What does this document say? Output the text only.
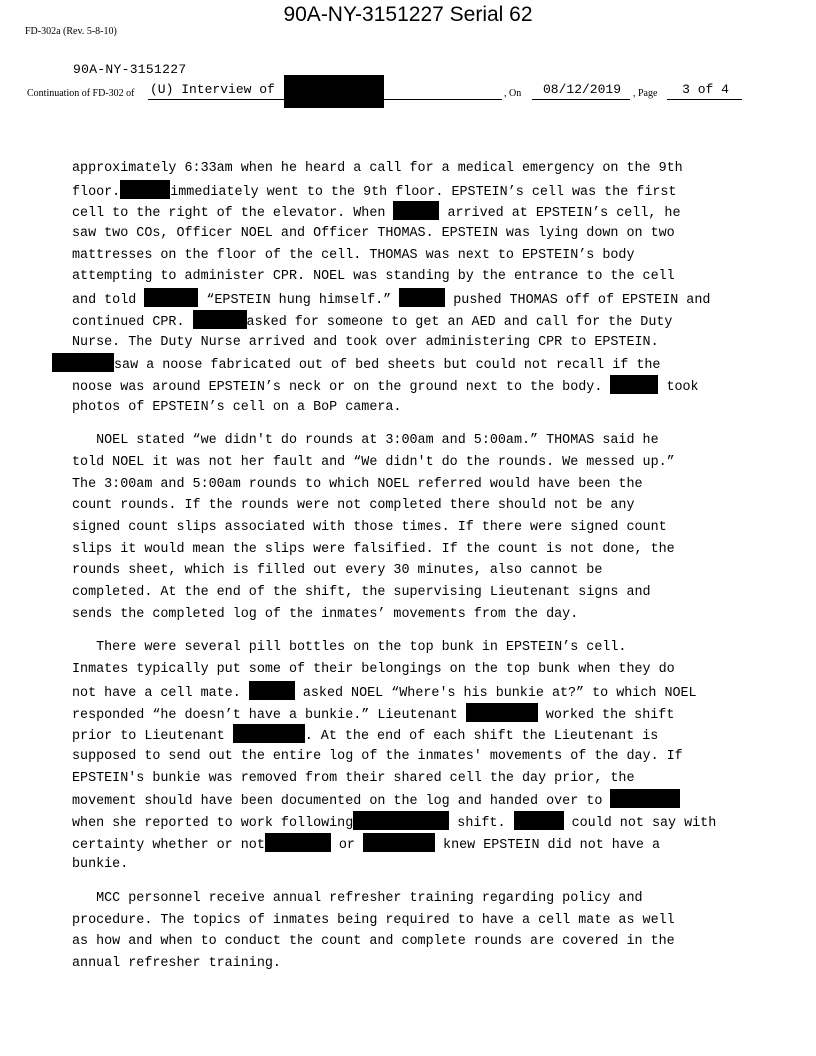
90A-NY-3151227 Serial 62
FD-302a (Rev. 5-8-10)
90A-NY-3151227
Continuation of FD-302 of (U) Interview of	, On	08/12/2019	, Page	3 of 4
approximately 6:33am when he heard a call for a medical emergency on the 9th
floor.	immediately went to the 9th floor. EPSTEIN’s cell was the first
cell to the right of the elevator. When	arrived at EPSTEIN’s cell, he
saw two COs, Officer NOEL and Officer THOMAS. EPSTEIN was lying down on two
mattresses on the floor of the cell. THOMAS was next to EPSTEIN’s body
attempting to administer CPR. NOEL was standing by the entrance to the cell
and told	“EPSTEIN hung himself.”	pushed THOMAS off of EPSTEIN and
continued CPR.	asked for someone to get an AED and call for the Duty
Nurse. The Duty Nurse arrived and took over administering CPR to EPSTEIN.
saw a noose fabricated out of bed sheets but could not recall if the
noose was around EPSTEIN’s neck or on the ground next to the body.	took
photos of EPSTEIN’s cell on a BoP camera.
NOEL stated “we didn't do rounds at 3:00am and 5:00am.” THOMAS said he
told NOEL it was not her fault and “We didn't do the rounds. We messed up.”
The 3:00am and 5:00am rounds to which NOEL referred would have been the
count rounds. If the rounds were not completed there should not be any
signed count slips associated with those times. If there were signed count
slips it would mean the slips were falsified. If the count is not done, the
rounds sheet, which is filled out every 30 minutes, also cannot be
completed. At the end of the shift, the supervising Lieutenant signs and
sends the completed log of the inmates’ movements from the day.
There were several pill bottles on the top bunk in EPSTEIN’s cell.
Inmates typically put some of their belongings on the top bunk when they do
not have a cell mate.	asked NOEL “Where's his bunkie at?” to which NOEL
responded “he doesn’t have a bunkie.” Lieutenant	worked the shift
prior to Lieutenant	. At the end of each shift the Lieutenant is
supposed to send out the entire log of the inmates' movements of the day. If
EPSTEIN's bunkie was removed from their shared cell the day prior, the
movement should have been documented on the log and handed over to
when she reported to work following	shift.	could not say with
certainty whether or not	or	knew EPSTEIN did not have a
bunkie.
MCC personnel receive annual refresher training regarding policy and
procedure. The topics of inmates being required to have a cell mate as well
as how and when to conduct the count and complete rounds are covered in the
annual refresher training.
